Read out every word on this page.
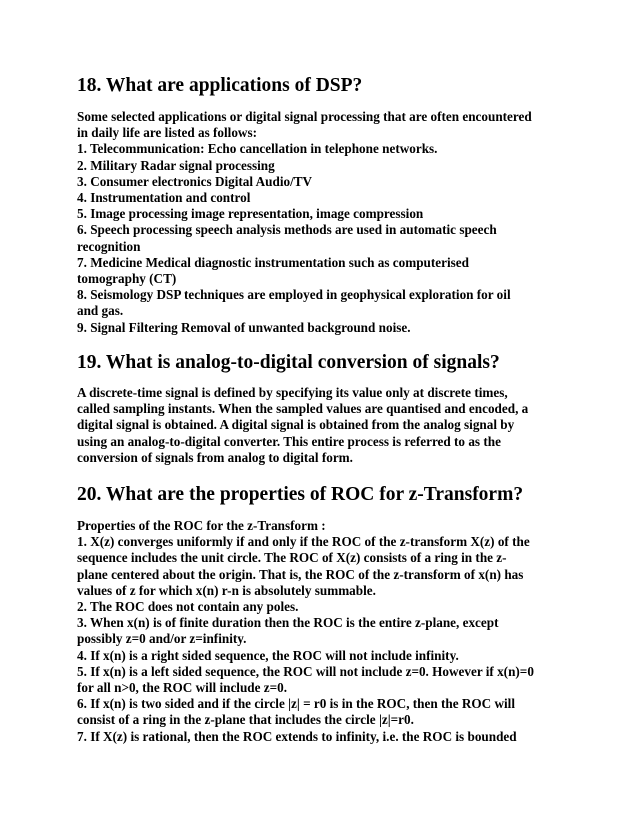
18. What are applications of DSP?
Some selected applications or digital signal processing that are often encountered
in daily life are listed as follows:
1. Telecommunication: Echo cancellation in telephone networks.
2. Military Radar signal processing
3. Consumer electronics Digital Audio/TV
4. Instrumentation and control
5. Image processing image representation, image compression
6. Speech processing speech analysis methods are used in automatic speech
recognition
7. Medicine Medical diagnostic instrumentation such as computerised
tomography (CT)
8. Seismology DSP techniques are employed in geophysical exploration for oil
and gas.
9. Signal Filtering Removal of unwanted background noise.
19. What is analog-to-digital conversion of signals?
A discrete-time signal is defined by specifying its value only at discrete times,
called sampling instants. When the sampled values are quantised and encoded, a
digital signal is obtained. A digital signal is obtained from the analog signal by
using an analog-to-digital converter. This entire process is referred to as the
conversion of signals from analog to digital form.
20. What are the properties of ROC for z-Transform?
Properties of the ROC for the z-Transform :
1. X(z) converges uniformly if and only if the ROC of the z-transform X(z) of the
sequence includes the unit circle. The ROC of X(z) consists of a ring in the z-
plane centered about the origin. That is, the ROC of the z-transform of x(n) has
values of z for which x(n) r-n is absolutely summable.
2. The ROC does not contain any poles.
3. When x(n) is of finite duration then the ROC is the entire z-plane, except
possibly z=0 and/or z=infinity.
4. If x(n) is a right sided sequence, the ROC will not include infinity.
5. If x(n) is a left sided sequence, the ROC will not include z=0. However if x(n)=0
for all n>0, the ROC will include z=0.
6. If x(n) is two sided and if the circle |z| = r0 is in the ROC, then the ROC will
consist of a ring in the z-plane that includes the circle |z|=r0.
7. If X(z) is rational, then the ROC extends to infinity, i.e. the ROC is bounded
